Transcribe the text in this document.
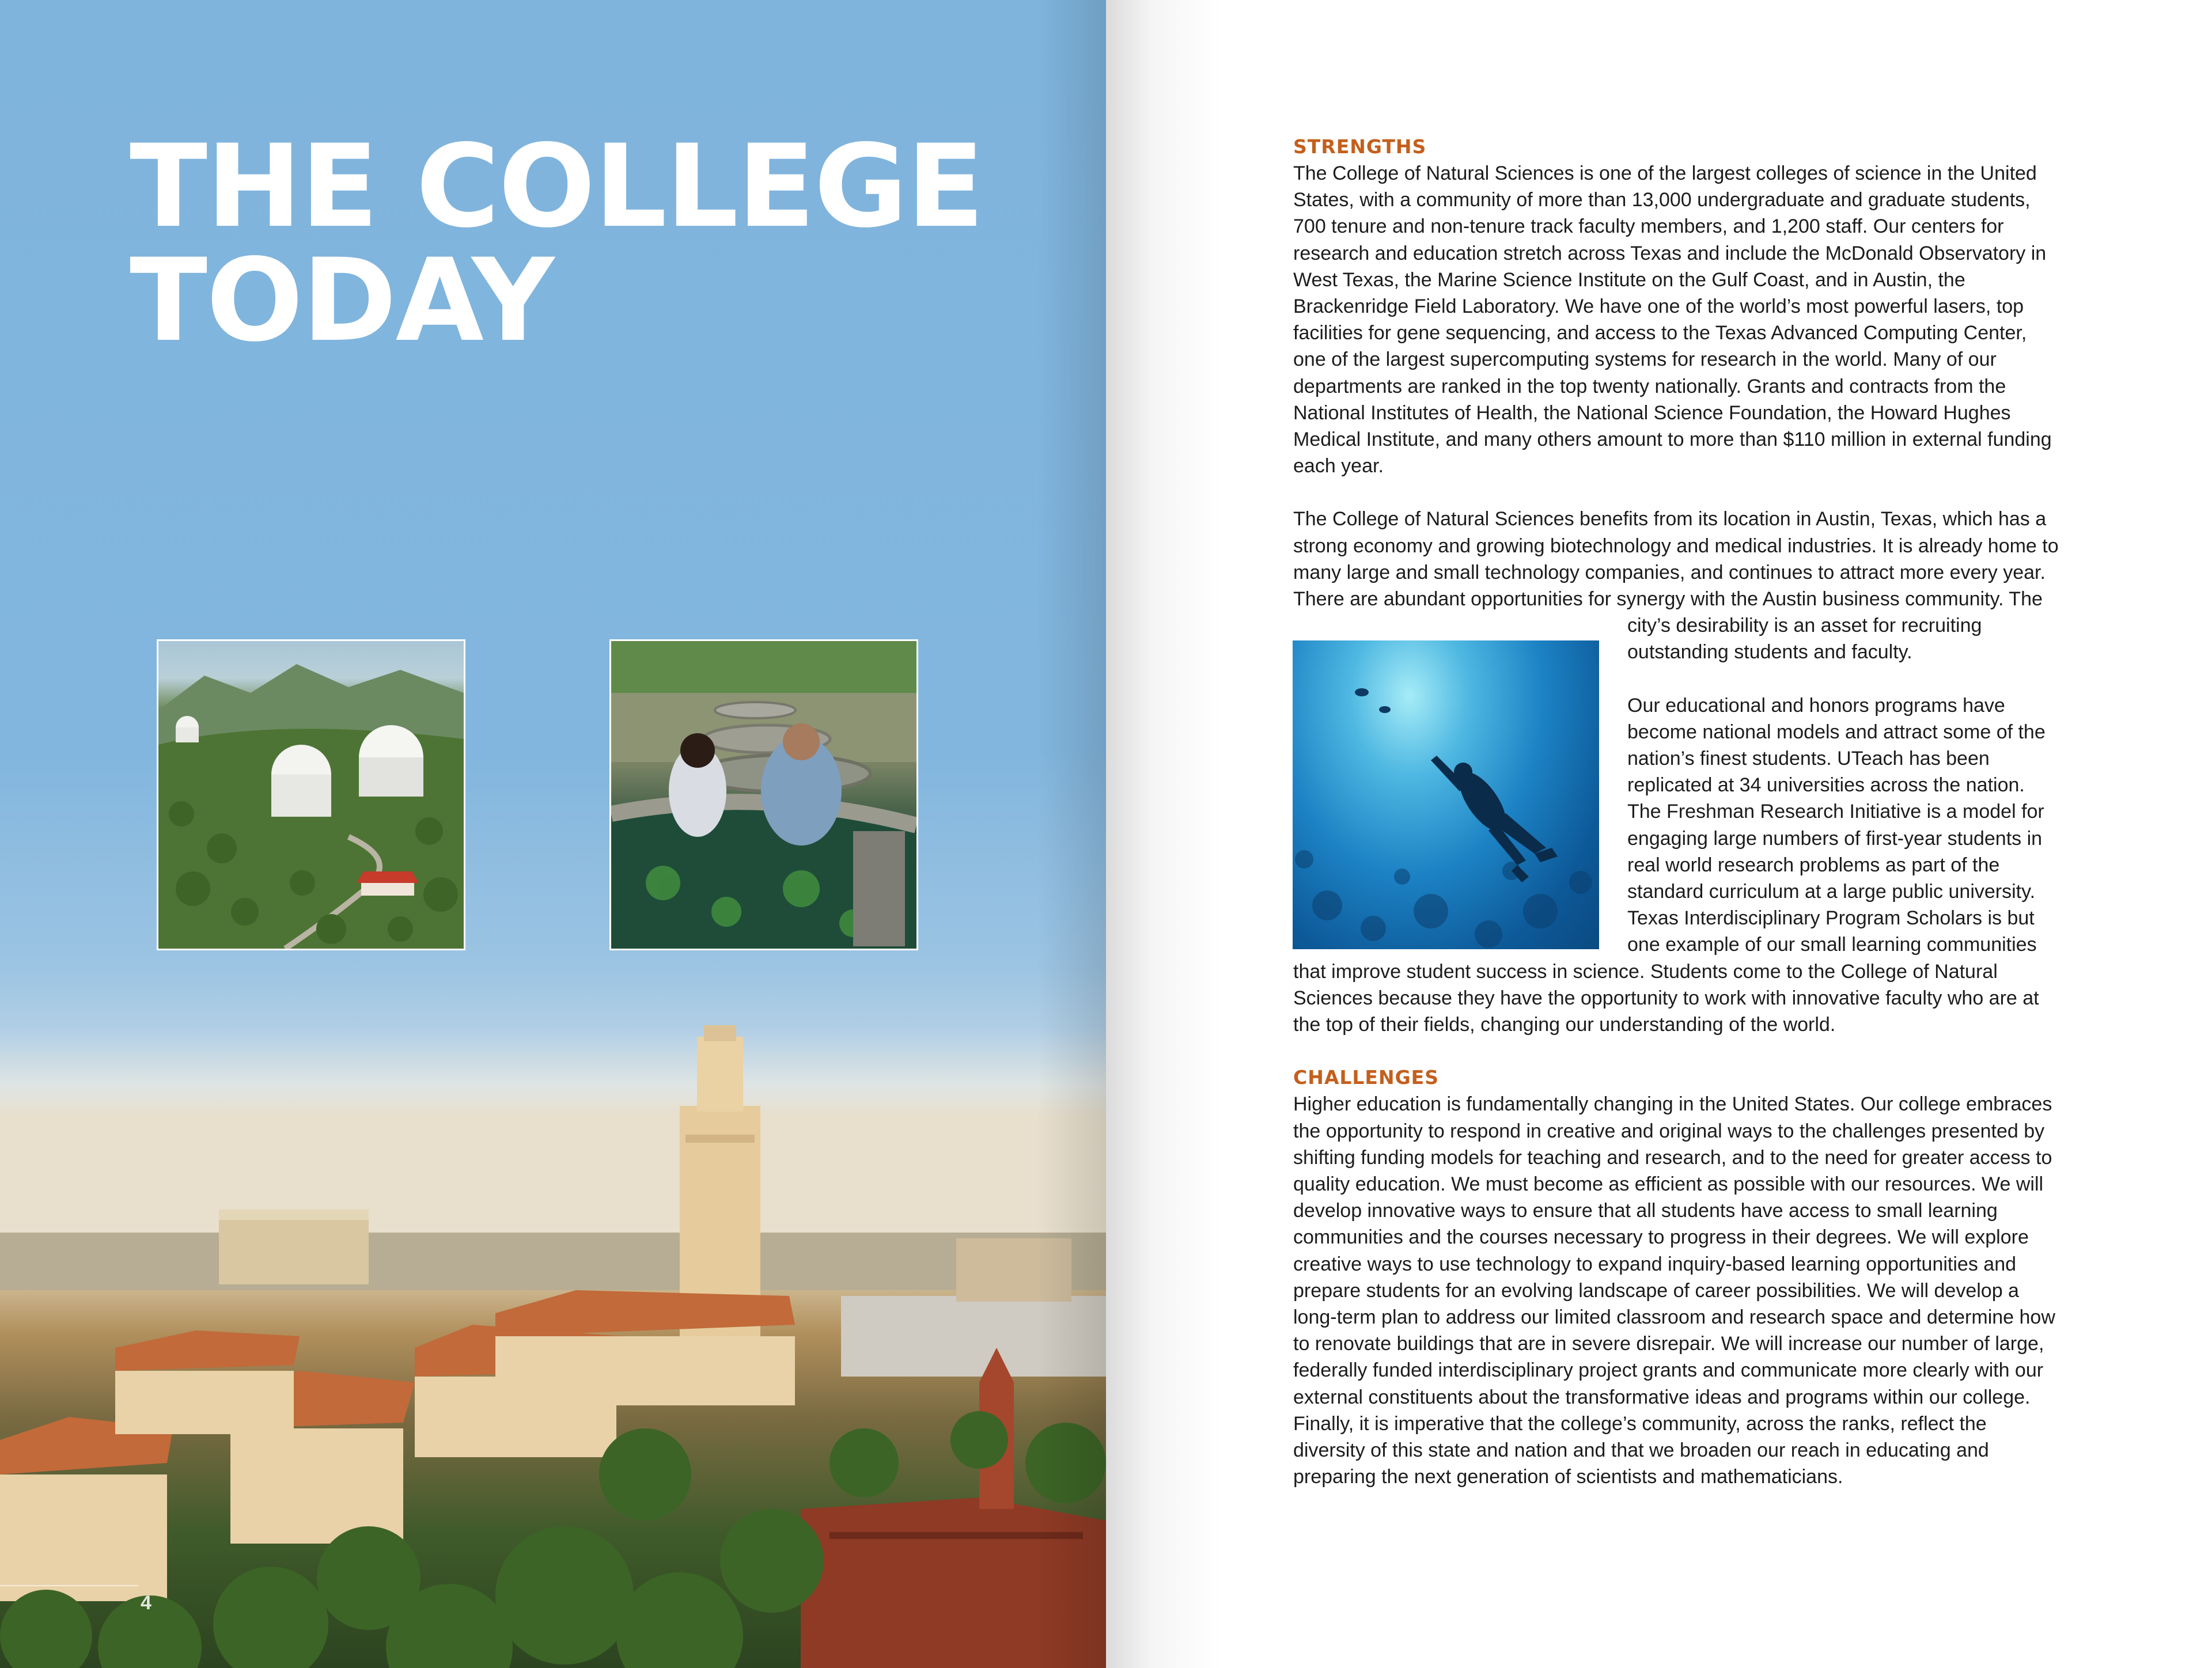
THE COLLEGE
TODAY
4
STRENGTHS

The College of Natural Sciences is one of the largest colleges of science in the United States, with a community of more than 13,000 undergraduate and graduate students, 700 tenure and non-tenure track faculty members, and 1,200 staff. Our centers for research and education stretch across Texas and include the McDonald Observatory in West Texas, the Marine Science Institute on the Gulf Coast, and in Austin, the Brackenridge Field Laboratory. We have one of the world’s most powerful lasers, top facilities for gene sequencing, and access to the Texas Advanced Computing Center, one of the largest supercomputing systems for research in the world. Many of our departments are ranked in the top twenty nationally. Grants and contracts from the National Institutes of Health, the National Science Foundation, the Howard Hughes Medical Institute, and many others amount to more than $110 million in external funding each year.

The College of Natural Sciences benefits from its location in Austin, Texas, which has a strong economy and growing biotechnology and medical industries. It is already home to many large and small technology companies, and continues to attract more every year. There are abundant opportunities for synergy with the Austin business community. The city’s desirability is an asset for recruiting outstanding students and faculty.

Our educational and honors programs have become national models and attract some of the nation’s finest students. UTeach has been replicated at 34 universities across the nation. The Freshman Research Initiative is a model for engaging large numbers of first-year students in real world research problems as part of the standard curriculum at a large public university. Texas Interdisciplinary Program Scholars is but one example of our small learning communities that improve student success in science. Students come to the College of Natural Sciences because they have the opportunity to work with innovative faculty who are at the top of their fields, changing our understanding of the world.

CHALLENGES

Higher education is fundamentally changing in the United States. Our college embraces the opportunity to respond in creative and original ways to the challenges presented by shifting funding models for teaching and research, and to the need for greater access to quality education. We must become as efficient as possible with our resources. We will develop innovative ways to ensure that all students have access to small learning communities and the courses necessary to progress in their degrees. We will explore creative ways to use technology to expand inquiry-based learning opportunities and prepare students for an evolving landscape of career possibilities. We will develop a long-term plan to address our limited classroom and research space and determine how to renovate buildings that are in severe disrepair. We will increase our number of large, federally funded interdisciplinary project grants and communicate more clearly with our external constituents about the transformative ideas and programs within our college. Finally, it is imperative that the college’s community, across the ranks, reflect the diversity of this state and nation and that we broaden our reach in educating and preparing the next generation of scientists and mathematicians.
